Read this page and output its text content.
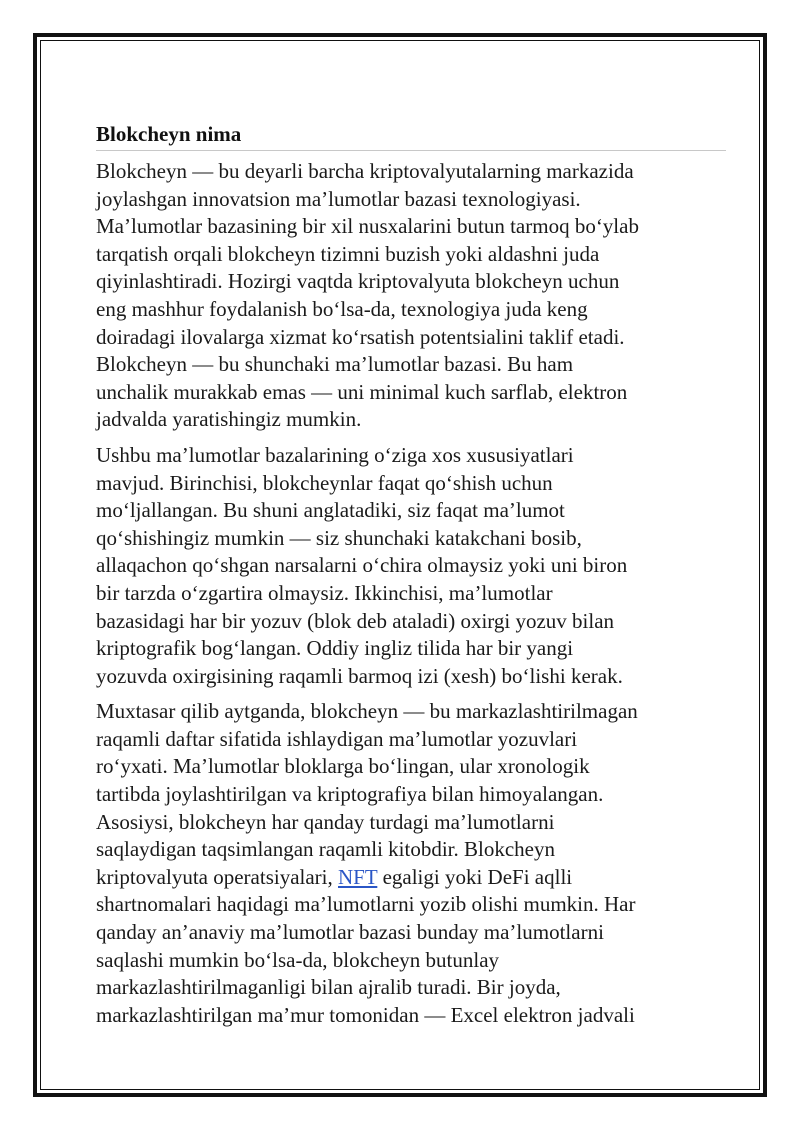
Blokcheyn nima

Blokcheyn — bu deyarli barcha kriptovalyutalarning markazida
joylashgan innovatsion ma’lumotlar bazasi texnologiyasi.
Ma’lumotlar bazasining bir xil nusxalarini butun tarmoq bo‘ylab
tarqatish orqali blokcheyn tizimni buzish yoki aldashni juda
qiyinlashtiradi. Hozirgi vaqtda kriptovalyuta blokcheyn uchun
eng mashhur foydalanish bo‘lsa-da, texnologiya juda keng
doiradagi ilovalarga xizmat ko‘rsatish potentsialini taklif etadi.
Blokcheyn — bu shunchaki ma’lumotlar bazasi. Bu ham
unchalik murakkab emas — uni minimal kuch sarflab, elektron
jadvalda yaratishingiz mumkin.

Ushbu ma’lumotlar bazalarining o‘ziga xos xususiyatlari
mavjud. Birinchisi, blokcheynlar faqat qo‘shish uchun
mo‘ljallangan. Bu shuni anglatadiki, siz faqat ma’lumot
qo‘shishingiz mumkin — siz shunchaki katakchani bosib,
allaqachon qo‘shgan narsalarni o‘chira olmaysiz yoki uni biron
bir tarzda o‘zgartira olmaysiz. Ikkinchisi, ma’lumotlar
bazasidagi har bir yozuv (blok deb ataladi) oxirgi yozuv bilan
kriptografik bog‘langan. Oddiy ingliz tilida har bir yangi
yozuvda oxirgisining raqamli barmoq izi (xesh) bo‘lishi kerak.

Muxtasar qilib aytganda, blokcheyn — bu markazlashtirilmagan
raqamli daftar sifatida ishlaydigan ma’lumotlar yozuvlari
ro‘yxati. Ma’lumotlar bloklarga bo‘lingan, ular xronologik
tartibda joylashtirilgan va kriptografiya bilan himoyalangan.
Asosiysi, blokcheyn har qanday turdagi ma’lumotlarni
saqlaydigan taqsimlangan raqamli kitobdir. Blokcheyn
kriptovalyuta operatsiyalari, NFT egaligi yoki DeFi aqlli
shartnomalari haqidagi ma’lumotlarni yozib olishi mumkin. Har
qanday an’anaviy ma’lumotlar bazasi bunday ma’lumotlarni
saqlashi mumkin bo‘lsa-da, blokcheyn butunlay
markazlashtirilmaganligi bilan ajralib turadi. Bir joyda,
markazlashtirilgan ma’mur tomonidan — Excel elektron jadvali
